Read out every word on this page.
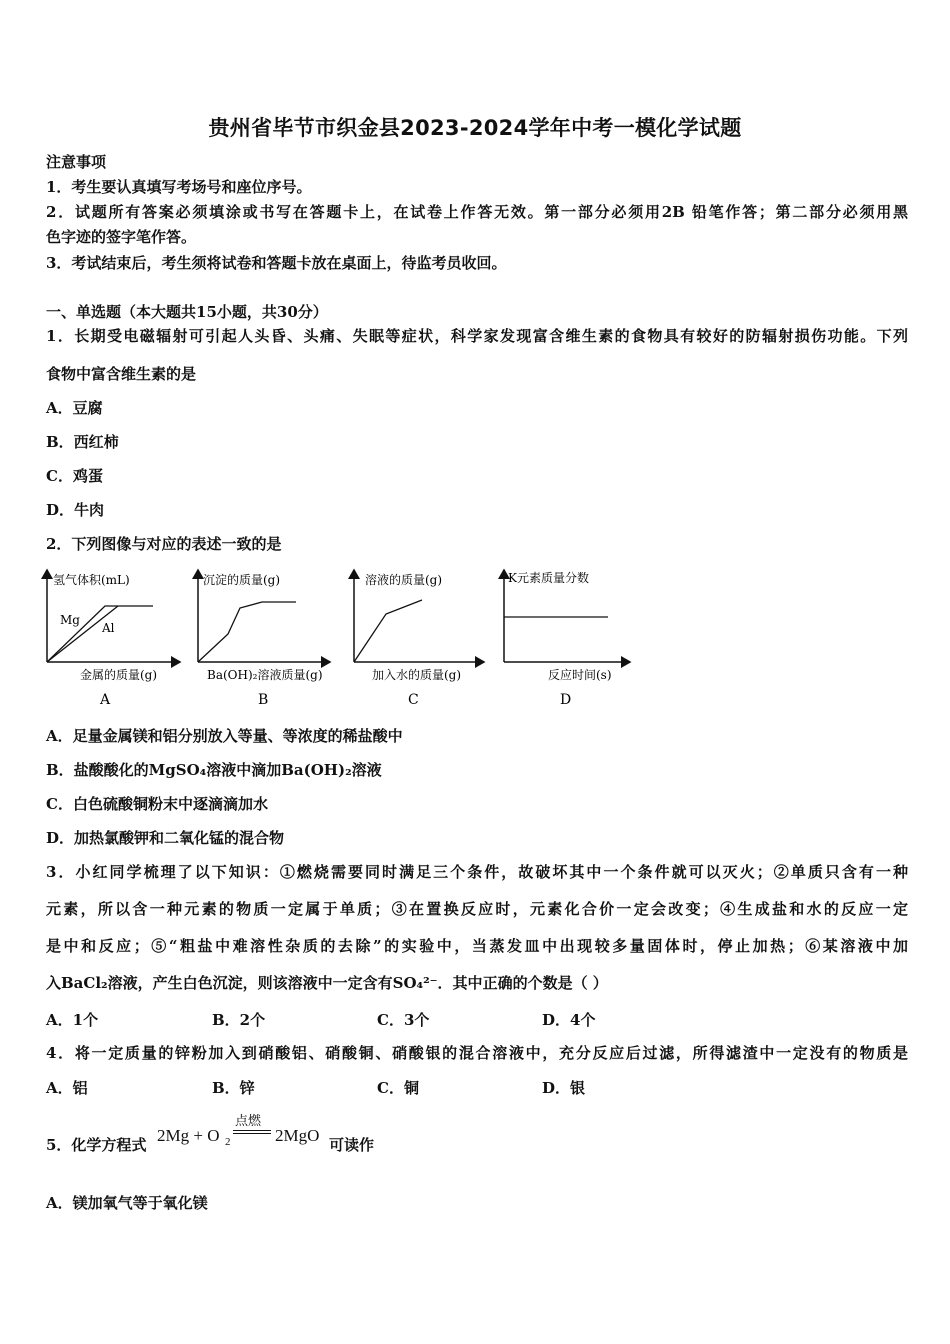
贵州省毕节市织金县2023-2024学年中考一模化学试题
注意事项
1．考生要认真填写考场号和座位序号。
2．试题所有答案必须填涂或书写在答题卡上，在试卷上作答无效。第一部分必须用2B 铅笔作答；第二部分必须用黑
色字迹的签字笔作答。
3．考试结束后，考生须将试卷和答题卡放在桌面上，待监考员收回。
一、单选题（本大题共15小题，共30分）
1．长期受电磁辐射可引起人头昏、头痛、失眠等症状，科学家发现富含维生素的食物具有较好的防辐射损伤功能。下列
食物中富含维生素的是
A．豆腐
B．西红柿
C．鸡蛋
D．牛肉
2．下列图像与对应的表述一致的是
氢气体积(mL)
金属的质量(g)
A
Mg
Al
沉淀的质量(g)
Ba(OH)₂溶液质量(g)
B
溶液的质量(g)
加入水的质量(g)
C
K元素质量分数
反应时间(s)
D
A．足量金属镁和铝分别放入等量、等浓度的稀盐酸中
B．盐酸酸化的MgSO₄溶液中滴加Ba(OH)₂溶液
C．白色硫酸铜粉末中逐滴滴加水
D．加热氯酸钾和二氧化锰的混合物
3．小红同学梳理了以下知识：①燃烧需要同时满足三个条件，故破坏其中一个条件就可以灭火；②单质只含有一种
元素，所以含一种元素的物质一定属于单质；③在置换反应时，元素化合价一定会改变；④生成盐和水的反应一定
是中和反应；⑤“粗盐中难溶性杂质的去除”的实验中，当蒸发皿中出现较多量固体时，停止加热；⑥某溶液中加
入BaCl₂溶液，产生白色沉淀，则该溶液中一定含有SO₄²⁻．其中正确的个数是（ ）
A．1个	B．2个	C．3个	D．4个
4．将一定质量的锌粉加入到硝酸铝、硝酸铜、硝酸银的混合溶液中，充分反应后过滤，所得滤渣中一定没有的物质是
A．铝	B．锌	C．铜	D．银
5．化学方程式 2Mg + O 2
点燃
2MgO 可读作
A．镁加氧气等于氧化镁
